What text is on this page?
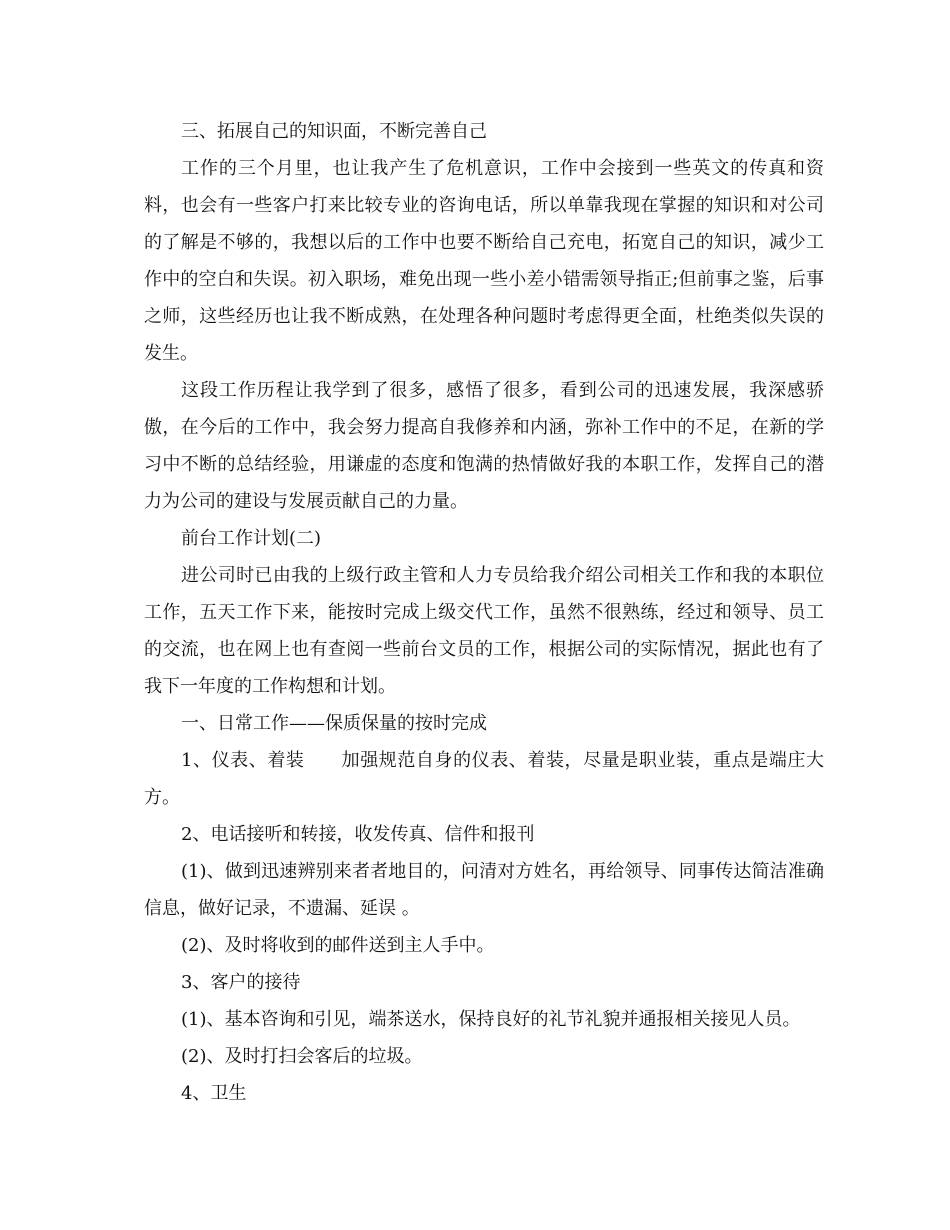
三、拓展自己的知识面，不断完善自己

工作的三个月里，也让我产生了危机意识，工作中会接到一些英文的传真和资料，也会有一些客户打来比较专业的咨询电话，所以单靠我现在掌握的知识和对公司的了解是不够的，我想以后的工作中也要不断给自己充电，拓宽自己的知识，减少工作中的空白和失误。初入职场，难免出现一些小差小错需领导指正;但前事之鉴，后事之师，这些经历也让我不断成熟，在处理各种问题时考虑得更全面，杜绝类似失误的发生。

这段工作历程让我学到了很多，感悟了很多，看到公司的迅速发展，我深感骄傲，在今后的工作中，我会努力提高自我修养和内涵，弥补工作中的不足，在新的学习中不断的总结经验，用谦虚的态度和饱满的热情做好我的本职工作，发挥自己的潜力为公司的建设与发展贡献自己的力量。

前台工作计划(二)

进公司时已由我的上级行政主管和人力专员给我介绍公司相关工作和我的本职位工作，五天工作下来，能按时完成上级交代工作，虽然不很熟练，经过和领导、员工的交流，也在网上也有查阅一些前台文员的工作，根据公司的实际情况，据此也有了我下一年度的工作构想和计划。

一、日常工作——保质保量的按时完成

1、仪表、着装　　加强规范自身的仪表、着装，尽量是职业装，重点是端庄大方。

2、电话接听和转接，收发传真、信件和报刊

(1)、做到迅速辨别来者者地目的，问清对方姓名，再给领导、同事传达简洁准确信息，做好记录，不遗漏、延误 。

(2)、及时将收到的邮件送到主人手中。

3、客户的接待

(1)、基本咨询和引见，端茶送水，保持良好的礼节礼貌并通报相关接见人员。

(2)、及时打扫会客后的垃圾。

4、卫生
